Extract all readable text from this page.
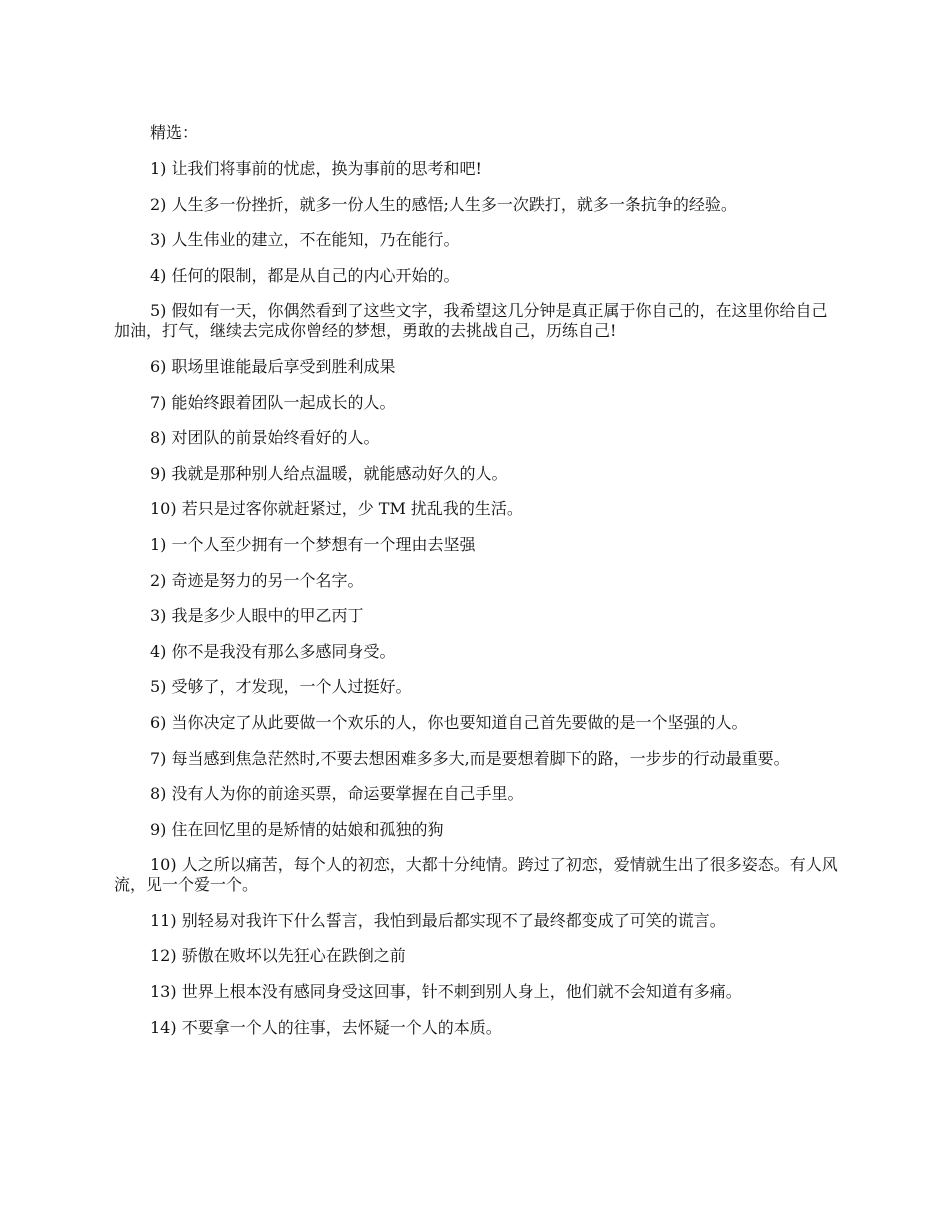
精选：

1) 让我们将事前的忧虑，换为事前的思考和吧!

2) 人生多一份挫折，就多一份人生的感悟;人生多一次跌打，就多一条抗争的经验。

3) 人生伟业的建立，不在能知，乃在能行。

4) 任何的限制，都是从自己的内心开始的。

5) 假如有一天，你偶然看到了这些文字，我希望这几分钟是真正属于你自己的，在这里你给自己加油，打气，继续去完成你曾经的梦想，勇敢的去挑战自己，历练自己!

6) 职场里谁能最后享受到胜利成果

7) 能始终跟着团队一起成长的人。

8) 对团队的前景始终看好的人。

9) 我就是那种别人给点温暖，就能感动好久的人。

10) 若只是过客你就赶紧过，少 TM 扰乱我的生活。

1) 一个人至少拥有一个梦想有一个理由去坚强

2) 奇迹是努力的另一个名字。

3) 我是多少人眼中的甲乙丙丁

4) 你不是我没有那么多感同身受。

5) 受够了，才发现，一个人过挺好。

6) 当你决定了从此要做一个欢乐的人，你也要知道自己首先要做的是一个坚强的人。

7) 每当感到焦急茫然时,不要去想困难多多大,而是要想着脚下的路，一步步的行动最重要。

8) 没有人为你的前途买票，命运要掌握在自己手里。

9) 住在回忆里的是矫情的姑娘和孤独的狗

10) 人之所以痛苦，每个人的初恋，大都十分纯情。跨过了初恋，爱情就生出了很多姿态。有人风流，见一个爱一个。

11) 别轻易对我许下什么誓言，我怕到最后都实现不了最终都变成了可笑的谎言。

12) 骄傲在败坏以先狂心在跌倒之前

13) 世界上根本没有感同身受这回事，针不刺到别人身上，他们就不会知道有多痛。

14) 不要拿一个人的往事，去怀疑一个人的本质。
